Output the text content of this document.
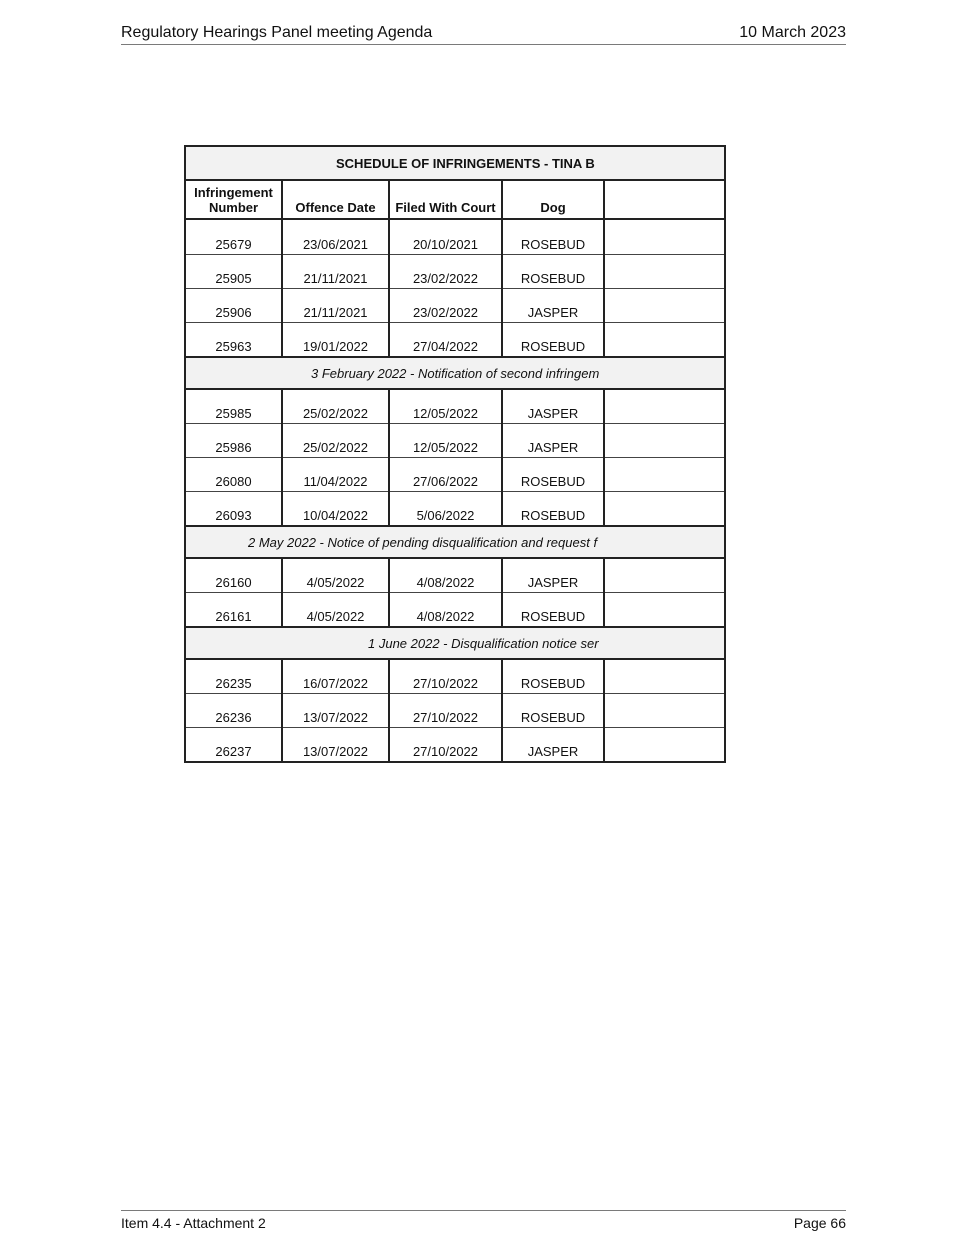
Regulatory Hearings Panel meeting Agenda	10 March 2023
SCHEDULE OF INFRINGEMENTS - TINA B				
Infringement
Number	Offence Date	Filed With Court	Dog	
25679	23/06/2021	20/10/2021	ROSEBUD	
25905	21/11/2021	23/02/2022	ROSEBUD	
25906	21/11/2021	23/02/2022	JASPER	
25963	19/01/2022	27/04/2022	ROSEBUD	
3 February 2022 - Notification of second infringem				
25985	25/02/2022	12/05/2022	JASPER	
25986	25/02/2022	12/05/2022	JASPER	
26080	11/04/2022	27/06/2022	ROSEBUD	
26093	10/04/2022	5/06/2022	ROSEBUD	
2 May 2022 - Notice of pending disqualification and request f				
26160	4/05/2022	4/08/2022	JASPER	
26161	4/05/2022	4/08/2022	ROSEBUD	
1 June 2022 - Disqualification notice ser				
26235	16/07/2022	27/10/2022	ROSEBUD	
26236	13/07/2022	27/10/2022	ROSEBUD	
26237	13/07/2022	27/10/2022	JASPER	
Item 4.4 - Attachment 2	Page 66
